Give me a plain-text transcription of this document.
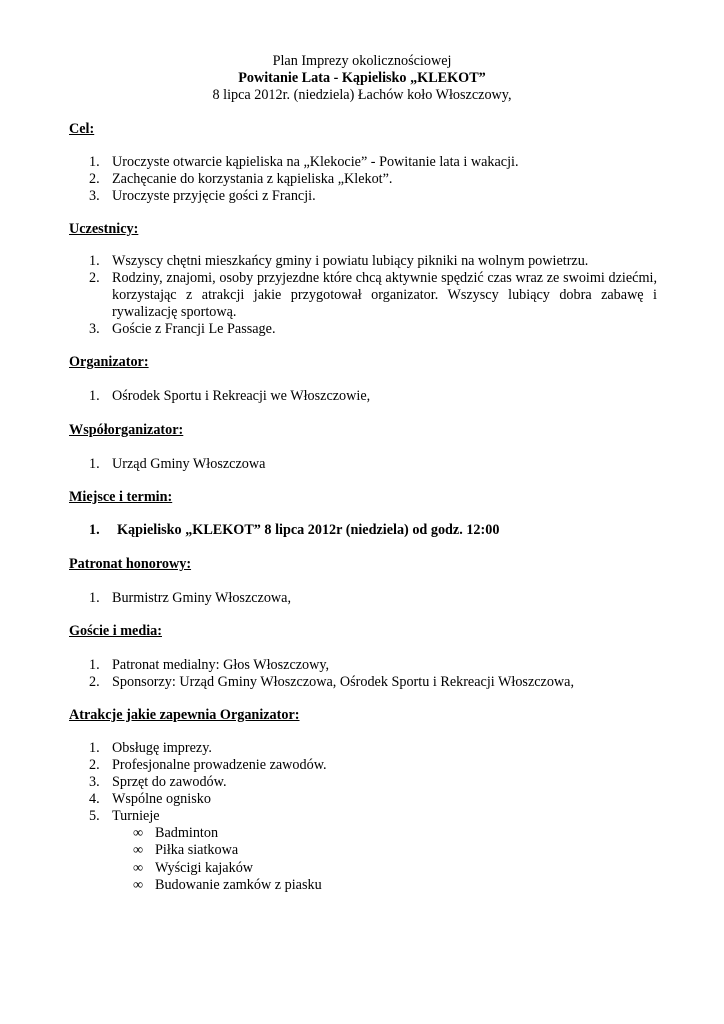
Plan Imprezy okolicznościowej
Powitanie Lata - Kąpielisko „KLEKOT”
8 lipca 2012r. (niedziela) Łachów koło Włoszczowy,
Cel:
1. Uroczyste otwarcie kąpieliska na „Klekocie” - Powitanie lata i wakacji.
2. Zachęcanie do korzystania z kąpieliska „Klekot”.
3. Uroczyste przyjęcie gości z Francji.
Uczestnicy:
1. Wszyscy chętni mieszkańcy gminy i powiatu lubiący pikniki na wolnym powietrzu.
2. Rodziny, znajomi, osoby przyjezdne które chcą aktywnie spędzić czas wraz ze swoimi dziećmi, korzystając z atrakcji jakie przygotował organizator. Wszyscy lubiący dobra zabawę i rywalizację sportową.
3. Goście z Francji Le Passage.
Organizator:
1. Ośrodek Sportu i Rekreacji we Włoszczowie,
Współorganizator:
1. Urząd Gminy Włoszczowa
Miejsce i termin:
1. Kąpielisko „KLEKOT” 8 lipca 2012r (niedziela) od godz. 12:00
Patronat honorowy:
1. Burmistrz Gminy Włoszczowa,
Goście i media:
1. Patronat medialny: Głos Włoszczowy,
2. Sponsorzy: Urząd Gminy Włoszczowa, Ośrodek Sportu i Rekreacji Włoszczowa,
Atrakcje jakie zapewnia Organizator:
1. Obsługę imprezy.
2. Profesjonalne prowadzenie zawodów.
3. Sprzęt do zawodów.
4. Wspólne ognisko
5. Turnieje
∞ Badminton
∞ Piłka siatkowa
∞ Wyścigi kajaków
∞ Budowanie zamków z piasku
